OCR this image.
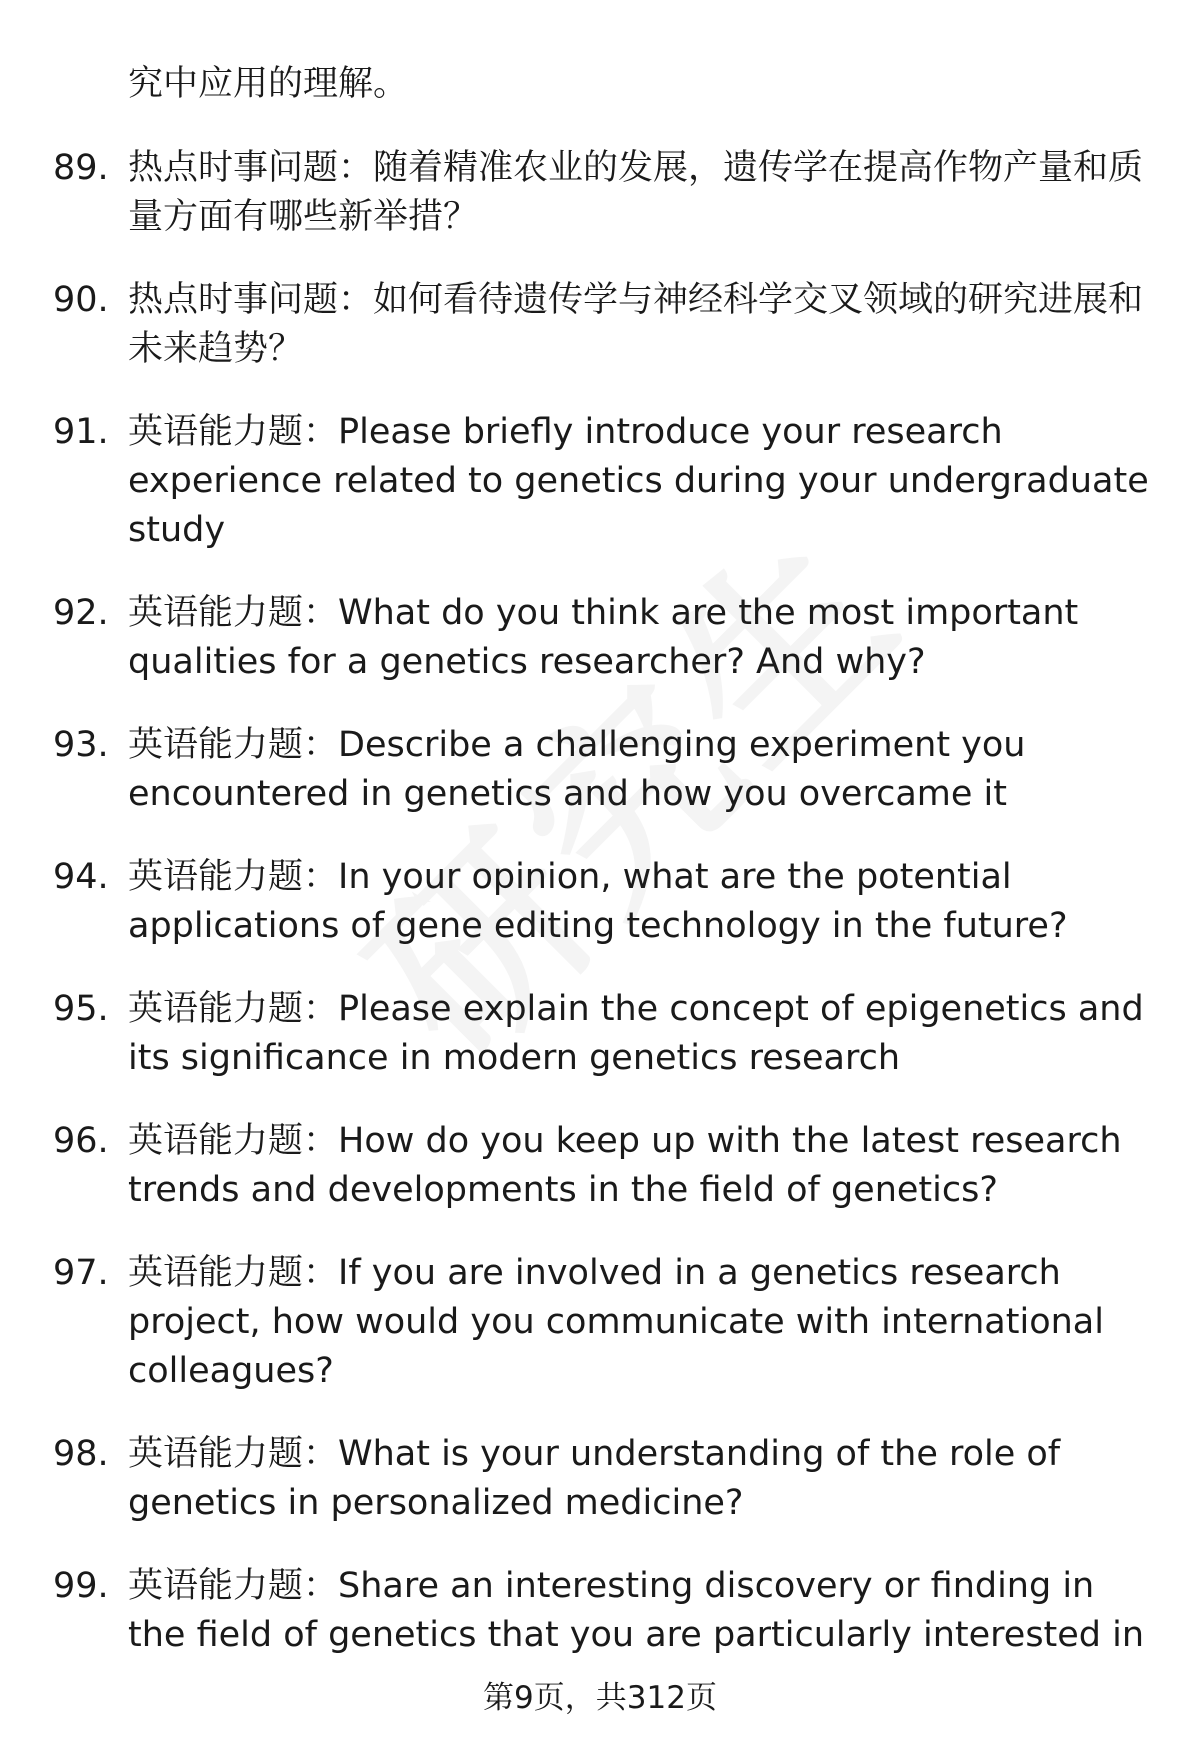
究中应用的理解。
89. 热点时事问题：随着精准农业的发展，遗传学在提高作物产量和质量方面有哪些新举措？
90. 热点时事问题：如何看待遗传学与神经科学交叉领域的研究进展和未来趋势？
91. 英语能力题：Please briefly introduce your research experience related to genetics during your undergraduate study
92. 英语能力题：What do you think are the most important qualities for a genetics researcher? And why?
93. 英语能力题：Describe a challenging experiment you encountered in genetics and how you overcame it
94. 英语能力题：In your opinion, what are the potential applications of gene editing technology in the future?
95. 英语能力题：Please explain the concept of epigenetics and its significance in modern genetics research
96. 英语能力题：How do you keep up with the latest research trends and developments in the field of genetics?
97. 英语能力题：If you are involved in a genetics research project, how would you communicate with international colleagues?
98. 英语能力题：What is your understanding of the role of genetics in personalized medicine?
99. 英语能力题：Share an interesting discovery or finding in the field of genetics that you are particularly interested in
第9页，共312页
